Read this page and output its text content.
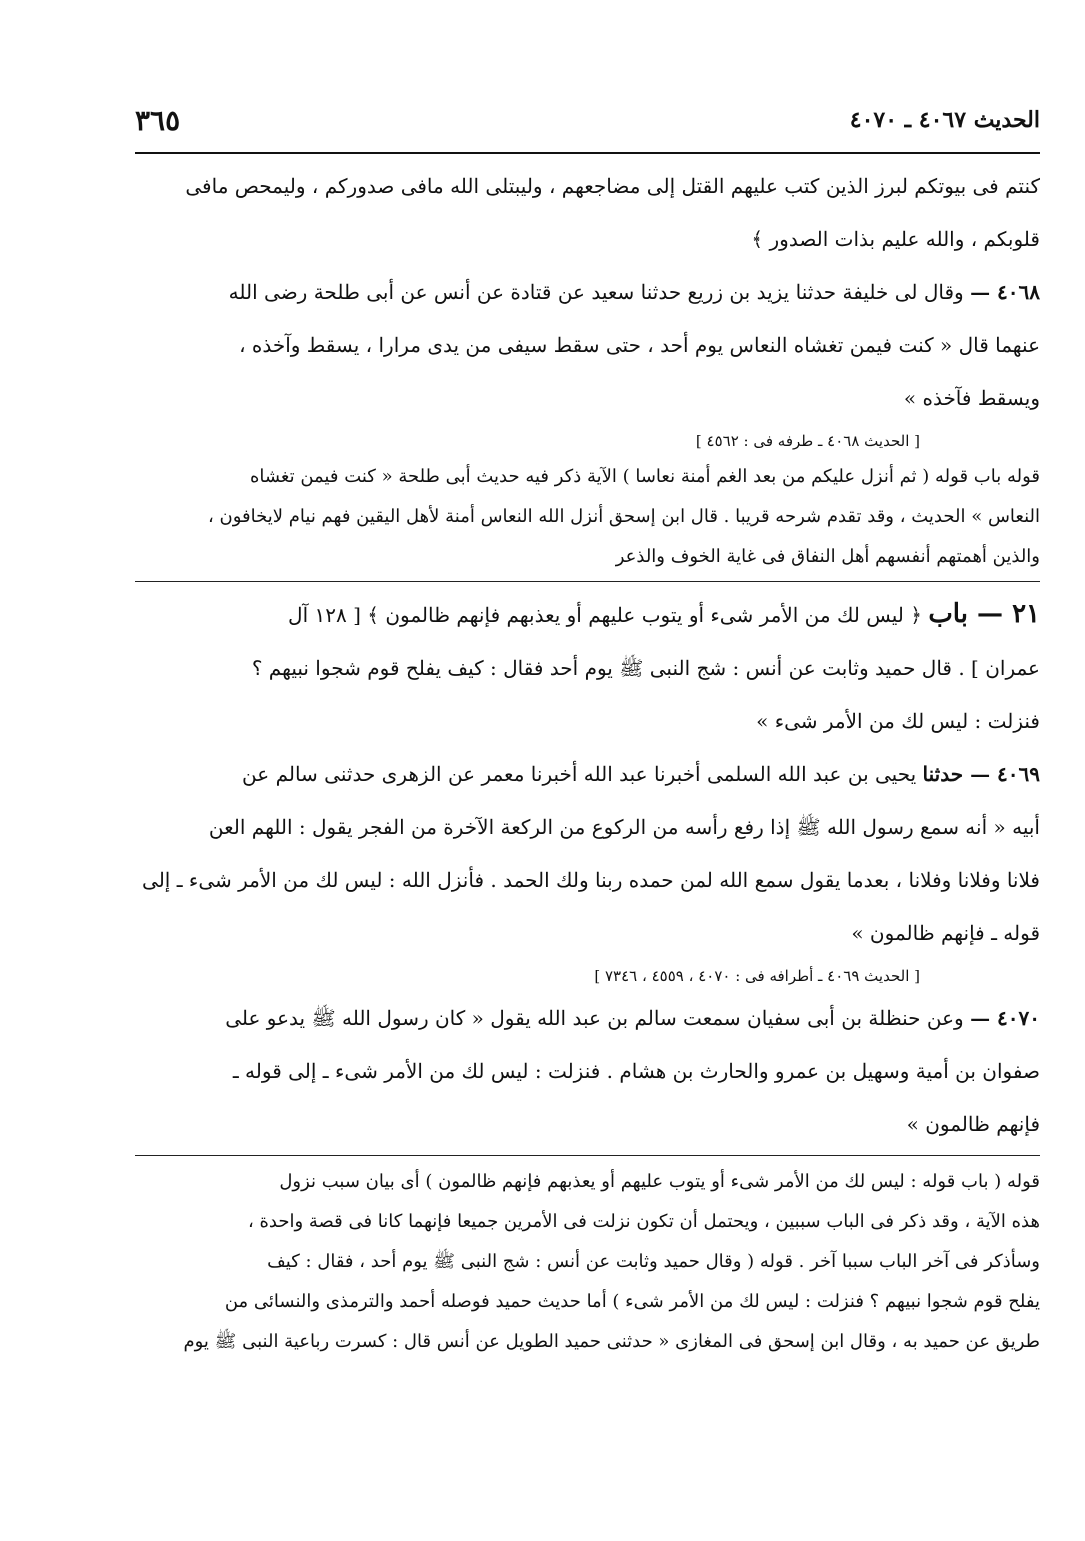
الحديث ٤٠٦٧ ـ ٤٠٧٠
٣٦٥
كنتم فى بيوتكم لبرز الذين كتب عليهم القتل إلى مضاجعهم ، وليبتلى الله مافى صدوركم ، وليمحص مافى
قلوبكم ، والله عليم بذات الصدور ﴾
٤٠٦٨ — وقال لى خليفة حدثنا يزيد بن زريع حدثنا سعيد عن قتادة عن أنس عن أبى طلحة رضى الله
عنهما قال « كنت فيمن تغشاه النعاس يوم أحد ، حتى سقط سيفى من يدى مرارا ، يسقط وآخذه ،
ويسقط فآخذه »
[ الحديث ٤٠٦٨ ـ طرفه فى : ٤٥٦٢ ]
قوله باب قوله ( ثم أنزل عليكم من بعد الغم أمنة نعاسا ) الآية ذكر فيه حديث أبى طلحة « كنت فيمن تغشاه
النعاس » الحديث ، وقد تقدم شرحه قريبا . قال ابن إسحق أنزل الله النعاس أمنة لأهل اليقين فهم نيام لايخافون ،
والذين أهمتهم أنفسهم أهل النفاق فى غاية الخوف والذعر
٢١ — باب ﴿ ليس لك من الأمر شىء أو يتوب عليهم أو يعذبهم فإنهم ظالمون ﴾ [ ١٢٨ آل
عمران ] . قال حميد وثابت عن أنس : شج النبى ﷺ يوم أحد فقال : كيف يفلح قوم شجوا نبيهم ؟
فنزلت : ليس لك من الأمر شىء »
٤٠٦٩ — حدثنا يحيى بن عبد الله السلمى أخبرنا عبد الله أخبرنا معمر عن الزهرى حدثنى سالم عن
أبيه « أنه سمع رسول الله ﷺ إذا رفع رأسه من الركوع من الركعة الآخرة من الفجر يقول : اللهم العن
فلانا وفلانا وفلانا ، بعدما يقول سمع الله لمن حمده ربنا ولك الحمد . فأنزل الله : ليس لك من الأمر شىء ـ إلى
قوله ـ فإنهم ظالمون »
[ الحديث ٤٠٦٩ ـ أطرافه فى : ٤٠٧٠ ، ٤٥٥٩ ، ٧٣٤٦ ]
٤٠٧٠ — وعن حنظلة بن أبى سفيان سمعت سالم بن عبد الله يقول « كان رسول الله ﷺ يدعو على
صفوان بن أمية وسهيل بن عمرو والحارث بن هشام . فنزلت : ليس لك من الأمر شىء ـ إلى قوله ـ
فإنهم ظالمون »
قوله ( باب قوله : ليس لك من الأمر شىء أو يتوب عليهم أو يعذبهم فإنهم ظالمون ) أى بيان سبب نزول
هذه الآية ، وقد ذكر فى الباب سببين ، ويحتمل أن تكون نزلت فى الأمرين جميعا فإنهما كانا فى قصة واحدة ،
وسأذكر فى آخر الباب سببا آخر . قوله ( وقال حميد وثابت عن أنس : شج النبى ﷺ يوم أحد ، فقال : كيف
يفلح قوم شجوا نبيهم ؟ فنزلت : ليس لك من الأمر شىء ) أما حديث حميد فوصله أحمد والترمذى والنسائى من
طريق عن حميد به ، وقال ابن إسحق فى المغازى « حدثنى حميد الطويل عن أنس قال : كسرت رباعية النبى ﷺ يوم
